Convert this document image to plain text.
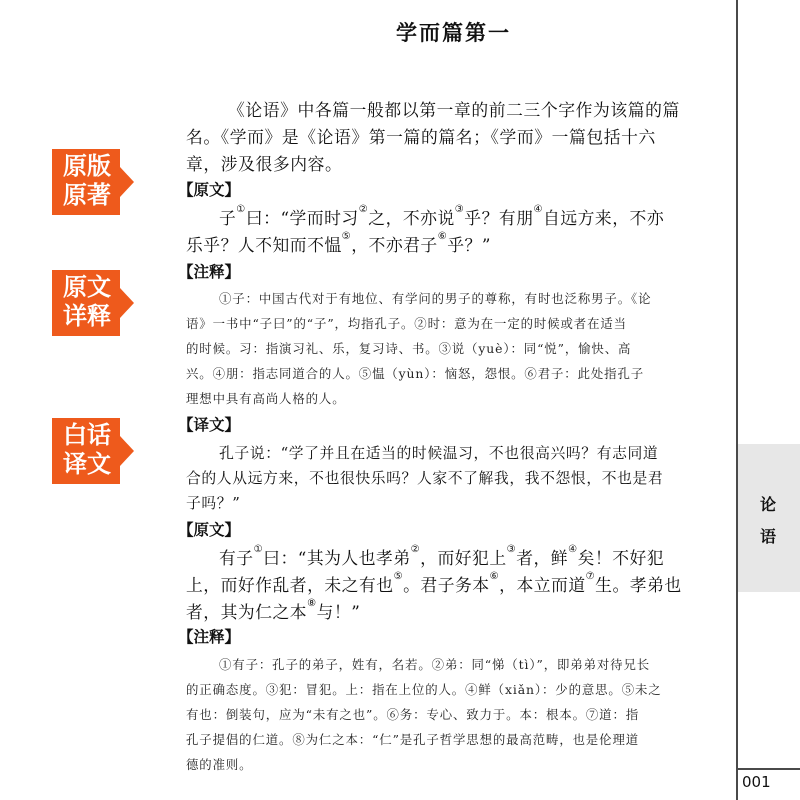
学而篇第一
论
语
001
原版
原著
原文
详释
白话
译文
《论语》中各篇一般都以第一章的前二三个字作为该篇的篇
名。《学而》是《论语》第一篇的篇名；《学而》一篇包括十六
章，涉及很多内容。
【原文】
子①曰：“学而时习②之，不亦说③乎？有朋④自远方来，不亦
乐乎？人不知而不愠⑤，不亦君子⑥乎？”
【注释】
①子：中国古代对于有地位、有学问的男子的尊称，有时也泛称男子。《论
语》一书中“子曰”的“子”，均指孔子。②时：意为在一定的时候或者在适当
的时候。习：指演习礼、乐，复习诗、书。③说（yuè）：同“悦”，愉快、高
兴。④朋：指志同道合的人。⑤愠（yùn）：恼怒，怨恨。⑥君子：此处指孔子
理想中具有高尚人格的人。
【译文】
孔子说：“学了并且在适当的时候温习，不也很高兴吗？有志同道
合的人从远方来，不也很快乐吗？人家不了解我，我不怨恨，不也是君
子吗？”
【原文】
有子①曰：“其为人也孝弟②，而好犯上③者，鲜④矣！不好犯
上，而好作乱者，未之有也⑤。君子务本⑥，本立而道⑦生。孝弟也
者，其为仁之本⑧与！”
【注释】
①有子：孔子的弟子，姓有，名若。②弟：同“悌（tì）”，即弟弟对待兄长
的正确态度。③犯：冒犯。上：指在上位的人。④鲜（xiǎn）：少的意思。⑤未之
有也：倒装句，应为“未有之也”。⑥务：专心、致力于。本：根本。⑦道：指
孔子提倡的仁道。⑧为仁之本：“仁”是孔子哲学思想的最高范畴，也是伦理道
德的准则。
